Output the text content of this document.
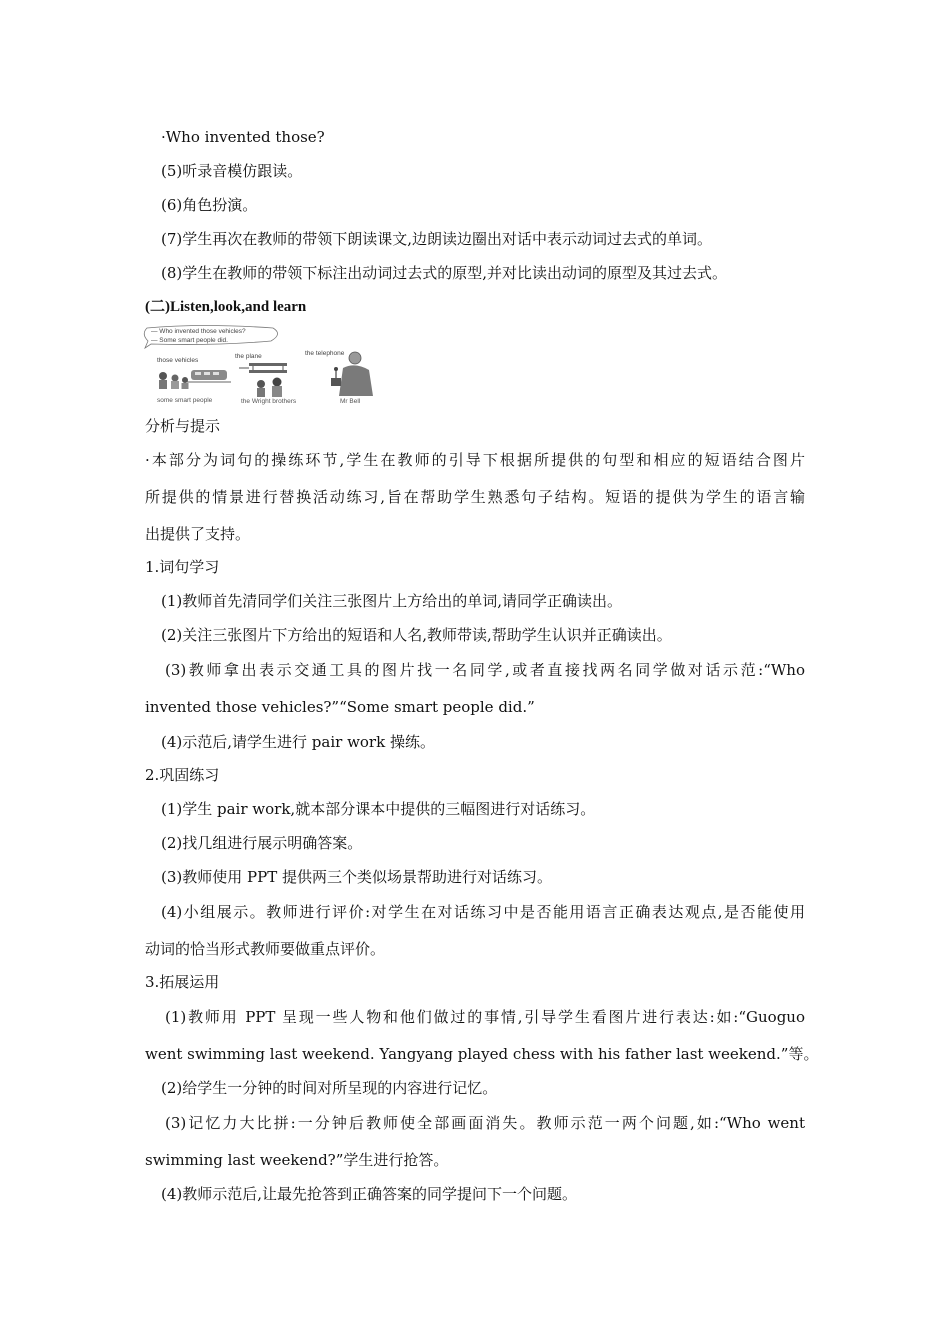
·Who invented those?
(5)听录音模仿跟读。
(6)角色扮演。
(7)学生再次在教师的带领下朗读课文,边朗读边圈出对话中表示动词过去式的单词。
(8)学生在教师的带领下标注出动词过去式的原型,并对比读出动词的原型及其过去式。
(二)Listen,look,and learn
— Who invented those vehicles?
— Some smart people did.
those vehicles
some smart people
the plane
the Wright brothers
the telephone
Mr Bell
分析与提示
·本部分为词句的操练环节,学生在教师的引导下根据所提供的句型和相应的短语结合图片
所提供的情景进行替换活动练习,旨在帮助学生熟悉句子结构。短语的提供为学生的语言输
出提供了支持。
1.词句学习
(1)教师首先清同学们关注三张图片上方给出的单词,请同学正确读出。
(2)关注三张图片下方给出的短语和人名,教师带读,帮助学生认识并正确读出。
(3)教师拿出表示交通工具的图片找一名同学,或者直接找两名同学做对话示范:“Who
invented those vehicles?”“Some smart people did.”
(4)示范后,请学生进行 pair work 操练。
2.巩固练习
(1)学生 pair work,就本部分课本中提供的三幅图进行对话练习。
(2)找几组进行展示明确答案。
(3)教师使用 PPT 提供两三个类似场景帮助进行对话练习。
(4)小组展示。教师进行评价:对学生在对话练习中是否能用语言正确表达观点,是否能使用
动词的恰当形式教师要做重点评价。
3.拓展运用
(1)教师用 PPT 呈现一些人物和他们做过的事情,引导学生看图片进行表达:如:“Guoguo
went swimming last weekend. Yangyang played chess with his father last weekend.”等。
(2)给学生一分钟的时间对所呈现的内容进行记忆。
(3)记忆力大比拼:一分钟后教师使全部画面消失。教师示范一两个问题,如:“Who went
swimming last weekend?”学生进行抢答。
(4)教师示范后,让最先抢答到正确答案的同学提问下一个问题。
